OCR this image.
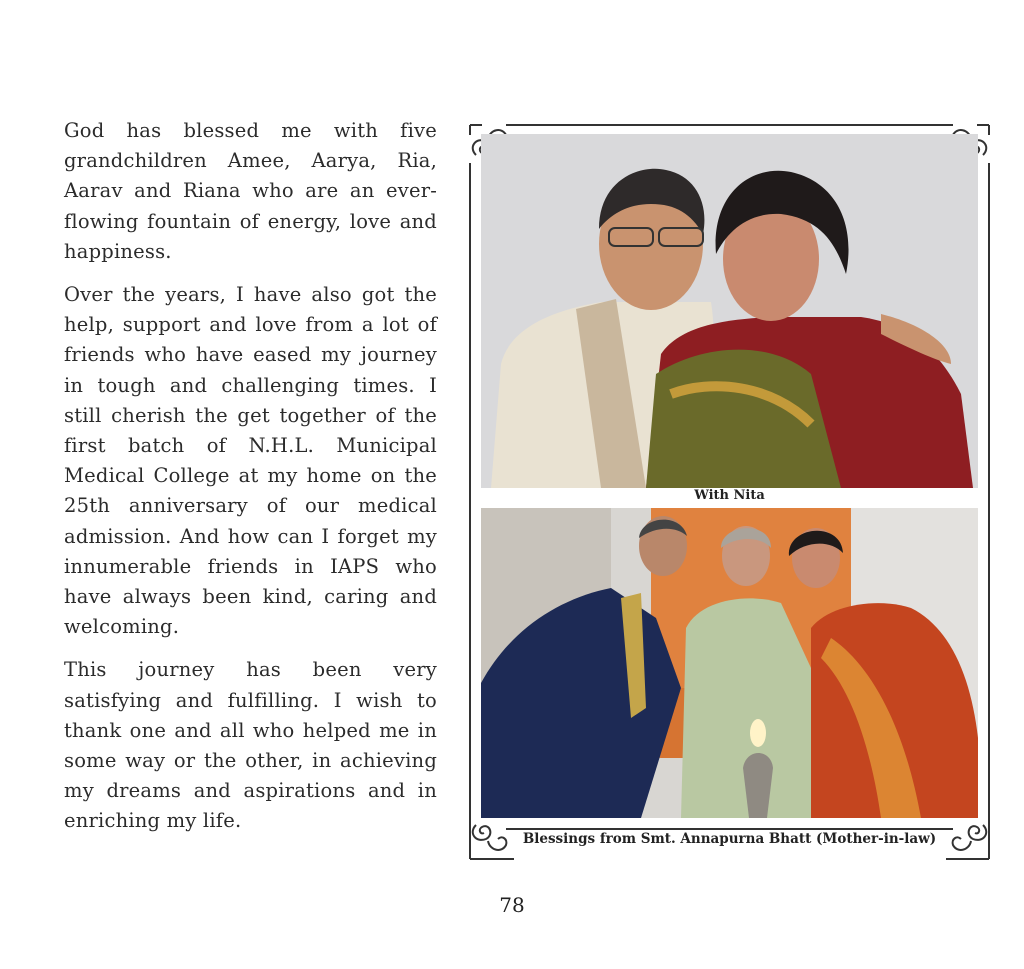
God has blessed me with five grandchildren Amee, Aarya, Ria, Aarav and Riana who are an ever-flowing fountain of energy, love and happiness.

Over the years, I have also got the help, support and love from a lot of friends who have eased my journey in tough and challenging times. I still cherish the get together of the first batch of N.H.L. Municipal Medical College at my home on the 25th anniversary of our medical admission. And how can I forget my innumerable friends in IAPS who have always been kind, caring and welcoming.

This journey has been very satisfying and fulfilling. I wish to thank one and all who helped me in some way or the other, in achieving my dreams and aspirations and in enriching my life.

With Nita
Blessings from Smt. Annapurna Bhatt (Mother-in-law)
78
